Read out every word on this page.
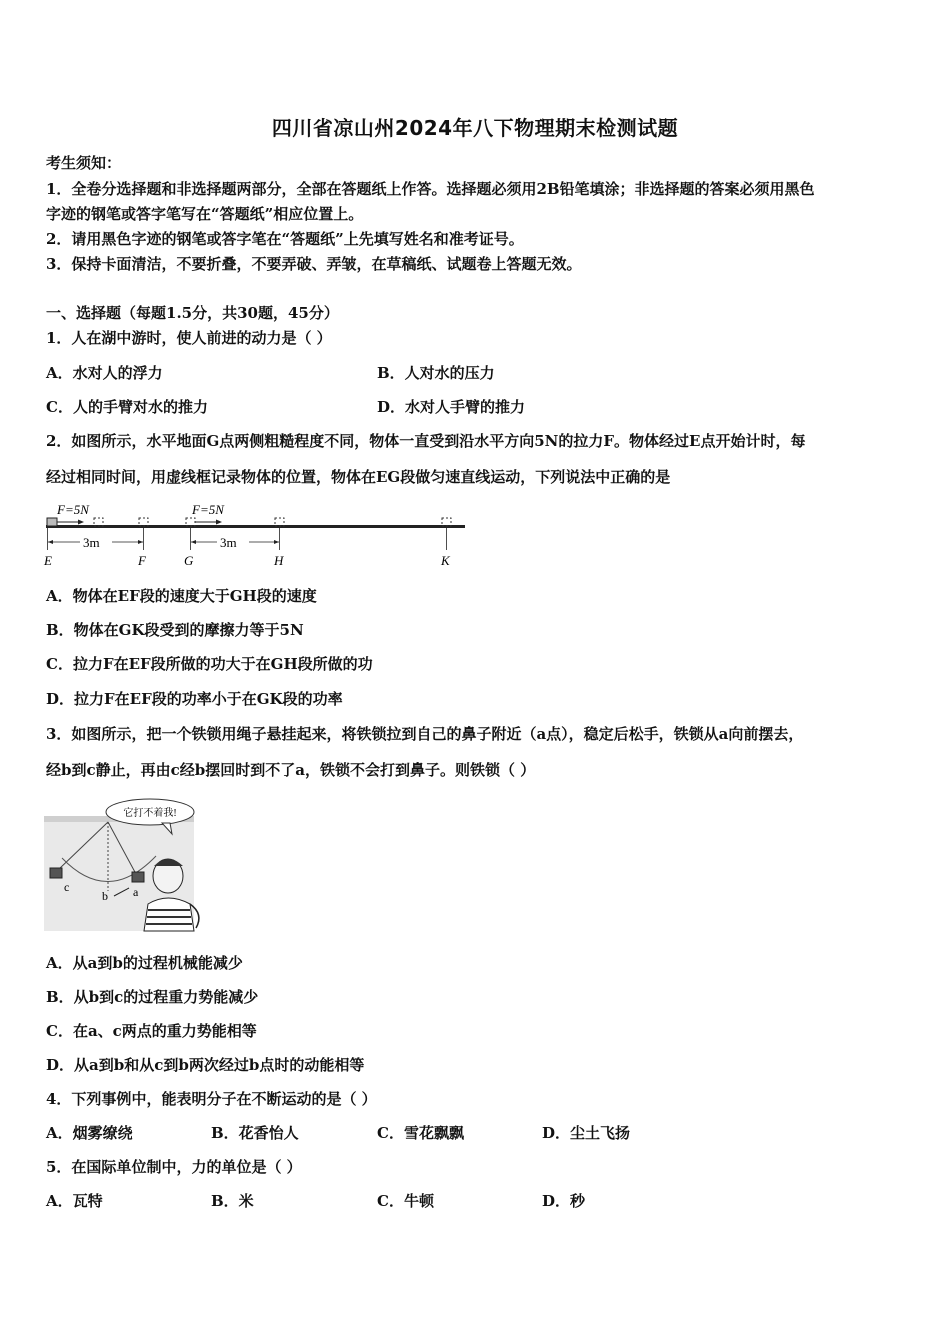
四川省凉山州2024年八下物理期末检测试题
考生须知：
1．全卷分选择题和非选择题两部分，全部在答题纸上作答。选择题必须用2B铅笔填涂；非选择题的答案必须用黑色
字迹的钢笔或答字笔写在“答题纸”相应位置上。
2．请用黑色字迹的钢笔或答字笔在“答题纸”上先填写姓名和准考证号。
3．保持卡面清洁，不要折叠，不要弄破、弄皱，在草稿纸、试题卷上答题无效。
一、选择题（每题1.5分，共30题，45分）
1．人在湖中游时，使人前进的动力是（ ）
A．水对人的浮力	B．人对水的压力
C．人的手臂对水的推力	D．水对人手臂的推力
2．如图所示，水平地面G点两侧粗糙程度不同，物体一直受到沿水平方向5N的拉力F。物体经过E点开始计时，每
经过相同时间，用虚线框记录物体的位置，物体在EG段做匀速直线运动，下列说法中正确的是
F=5N	F=5N
3m	3m
E	F	G	H	K
A．物体在EF段的速度大于GH段的速度
B．物体在GK段受到的摩擦力等于5N
C．拉力F在EF段所做的功大于在GH段所做的功
D．拉力F在EF段的功率小于在GK段的功率
3．如图所示，把一个铁锁用绳子悬挂起来，将铁锁拉到自己的鼻子附近（a点），稳定后松手，铁锁从a向前摆去，
经b到c静止，再由c经b摆回时到不了a，铁锁不会打到鼻子。则铁锁（ ）
它打不着我!
c
b a
A．从a到b的过程机械能减少
B．从b到c的过程重力势能减少
C．在a、c两点的重力势能相等
D．从a到b和从c到b两次经过b点时的动能相等
4．下列事例中，能表明分子在不断运动的是（ ）
A．烟雾缭绕	B．花香怡人	C．雪花飘飘	D．尘土飞扬
5．在国际单位制中，力的单位是（ ）
A．瓦特	B．米	C．牛顿	D．秒
